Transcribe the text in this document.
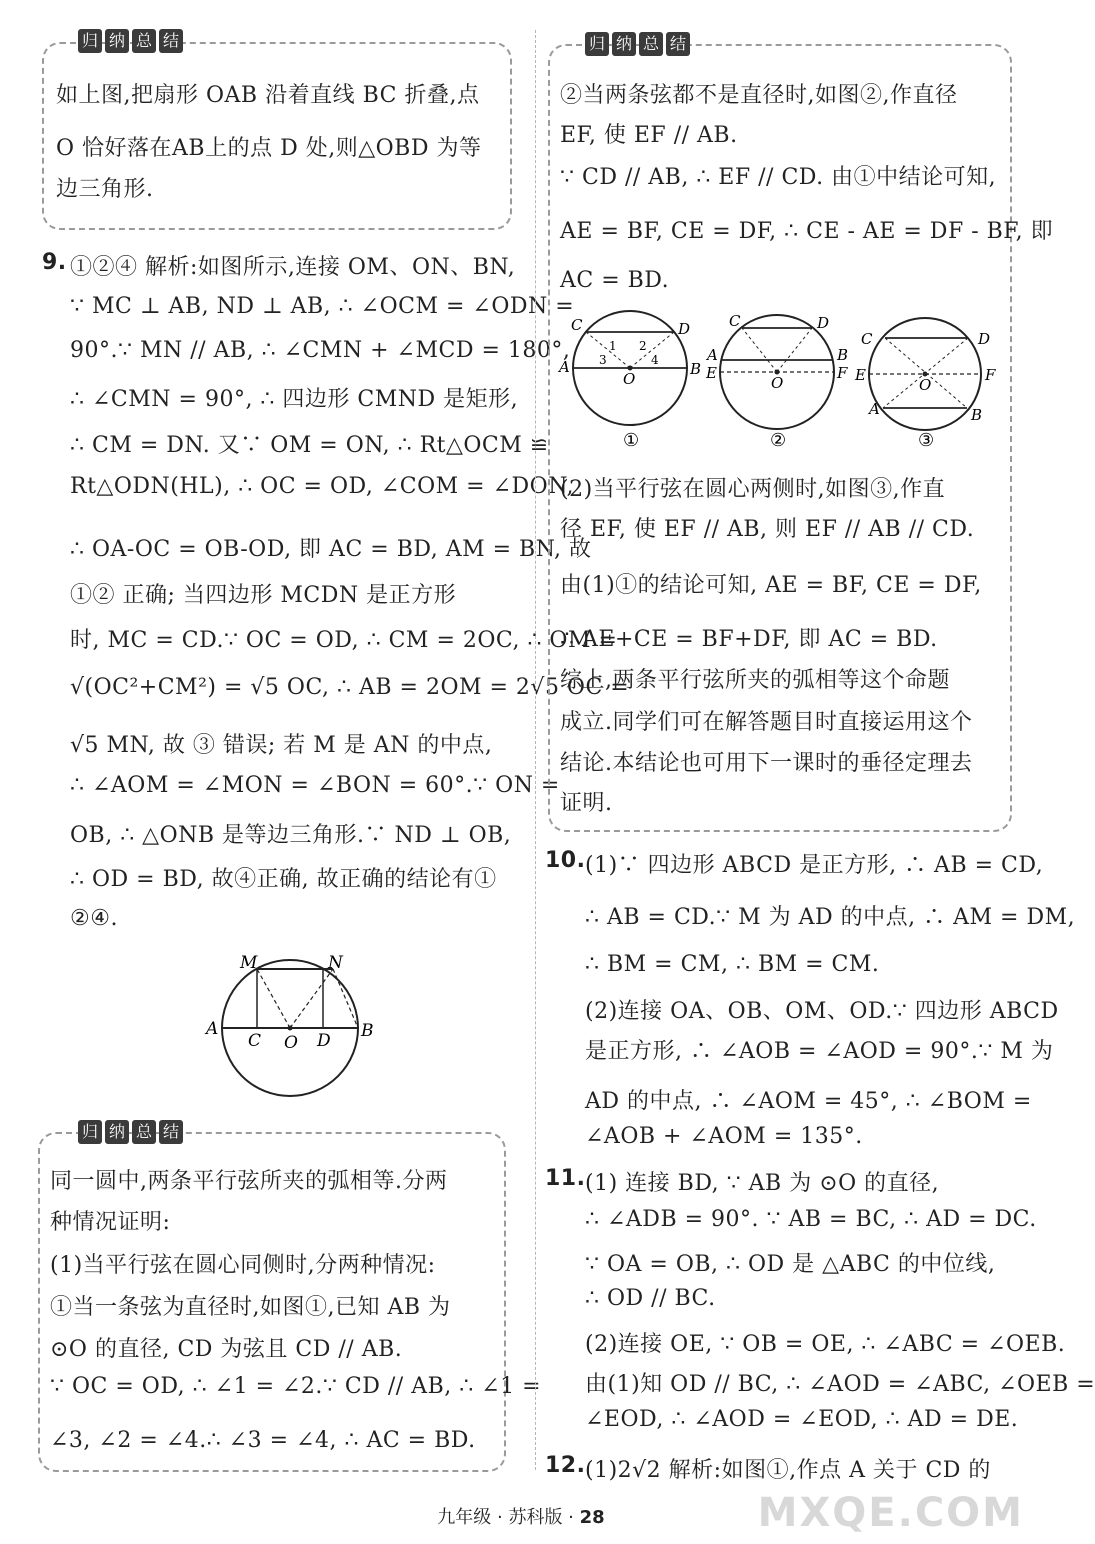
归 纳 总 结
如上图,把扇形 OAB 沿着直线 BC 折叠,点
O 恰好落在AB上的点 D 处,则△OBD 为等
边三角形.
9. ①②④ 解析:如图所示,连接 OM、ON、BN,
∵ MC ⊥ AB, ND ⊥ AB, ∴ ∠OCM = ∠ODN =
90°.∵ MN // AB, ∴ ∠CMN + ∠MCD = 180°,
∴ ∠CMN = 90°, ∴ 四边形 CMND 是矩形,
∴ CM = DN. 又∵ OM = ON, ∴ Rt△OCM ≌
Rt△ODN(HL), ∴ OC = OD, ∠COM = ∠DON,
∴ OA-OC = OB-OD, 即 AC = BD, AM = BN, 故
①② 正确; 当四边形 MCDN 是正方形
时, MC = CD.∵ OC = OD, ∴ CM = 2OC, ∴ OM =
√(OC²+CM²) = √5 OC, ∴ AB = 2OM = 2√5 OC =
√5 MN, 故 ③ 错误; 若 M 是 AN 的中点,
∴ ∠AOM = ∠MON = ∠BON = 60°.∵ ON =
OB, ∴ △ONB 是等边三角形.∵ ND ⊥ OB,
∴ OD = BD, 故④正确, 故正确的结论有①
②④.
M	N
A
C O D B
归 纳 总 结
同一圆中,两条平行弦所夹的弧相等.分两
种情况证明:
(1)当平行弦在圆心同侧时,分两种情况:
①当一条弦为直径时,如图①,已知 AB 为
⊙O 的直径, CD 为弦且 CD // AB.
∵ OC = OD, ∴ ∠1 = ∠2.∵ CD // AB, ∴ ∠1 =
∠3, ∠2 = ∠4.∴ ∠3 = ∠4, ∴ AC = BD.
归 纳 总 结
②当两条弦都不是直径时,如图②,作直径
EF, 使 EF // AB.
∵ CD // AB, ∴ EF // CD. 由①中结论可知,
AE = BF, CE = DF, ∴ CE - AE = DF - BF, 即
AC = BD.
C	D
A	B
O
1 2
3	4
①
C	D
A
E
B
F
O
②
C	D
E	F
O
A	B
③
(2)当平行弦在圆心两侧时,如图③,作直
径 EF, 使 EF // AB, 则 EF // AB // CD.
由(1)①的结论可知, AE = BF, CE = DF,
∴ AE+CE = BF+DF, 即 AC = BD.
综上,两条平行弦所夹的弧相等这个命题
成立.同学们可在解答题目时直接运用这个
结论.本结论也可用下一课时的垂径定理去
证明.
10. (1)∵ 四边形 ABCD 是正方形, ∴ AB = CD,
∴ AB = CD.∵ M 为 AD 的中点, ∴ AM = DM,
∴ BM = CM, ∴ BM = CM.
(2)连接 OA、OB、OM、OD.∵ 四边形 ABCD
是正方形, ∴ ∠AOB = ∠AOD = 90°.∵ M 为
AD 的中点, ∴ ∠AOM = 45°, ∴ ∠BOM =
∠AOB + ∠AOM = 135°.
11. (1) 连接 BD, ∵ AB 为 ⊙O 的直径,
∴ ∠ADB = 90°. ∵ AB = BC, ∴ AD = DC.
∵ OA = OB, ∴ OD 是 △ABC 的中位线,
∴ OD // BC.
(2)连接 OE, ∵ OB = OE, ∴ ∠ABC = ∠OEB.
由(1)知 OD // BC, ∴ ∠AOD = ∠ABC, ∠OEB =
∠EOD, ∴ ∠AOD = ∠EOD, ∴ AD = DE.
12. (1)2√2 解析:如图①,作点 A 关于 CD 的
九年级 · 苏科版 · 28	MXQE.COM
